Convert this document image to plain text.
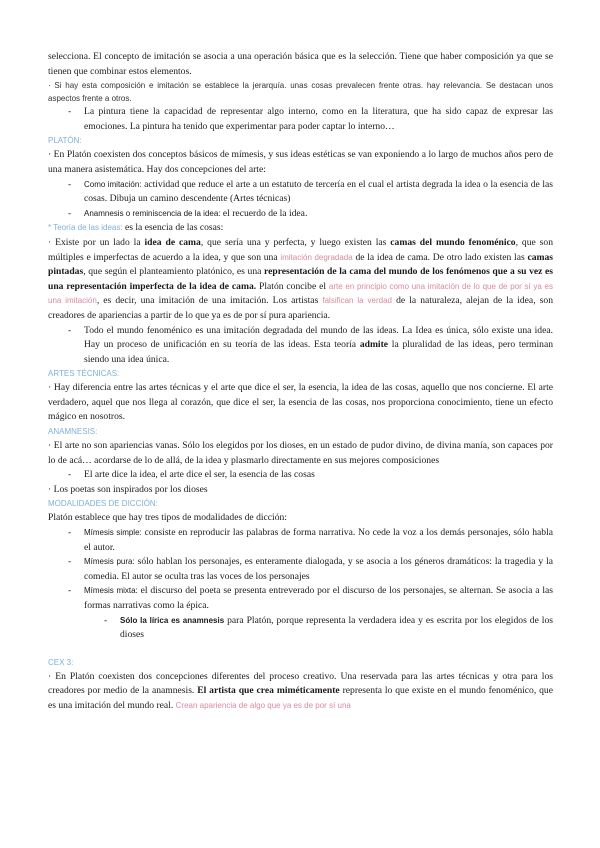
selecciona. El concepto de imitación se asocia a una operación básica que es la selección. Tiene que haber composición ya que se tienen que combinar estos elementos.

· Si hay esta composición e imitación se establece la jerarquía. unas cosas prevalecen frente otras. hay relevancia. Se destacan unos aspectos frente a otros.

- La pintura tiene la capacidad de representar algo interno, como en la literatura, que ha sido capaz de expresar las emociones. La pintura ha tenido que experimentar para poder captar lo interno…

PLATÓN:

· En Platón coexisten dos conceptos básicos de mímesis, y sus ideas estéticas se van exponiendo a lo largo de muchos años pero de una manera asistemática. Hay dos concepciones del arte:

- Como imitación: actividad que reduce el arte a un estatuto de tercería en el cual el artista degrada la idea o la esencia de las cosas. Dibuja un camino descendente (Artes técnicas)

- Anamnesis o reminiscencia de la idea: el recuerdo de la idea.

* Teoría de las ideas: es la esencia de las cosas:

· Existe por un lado la idea de cama, que sería una y perfecta, y luego existen las camas del mundo fenoménico, que son múltiples e imperfectas de acuerdo a la idea, y que son una imitación degradada de la idea de cama. De otro lado existen las camas pintadas, que según el planteamiento platónico, es una representación de la cama del mundo de los fenómenos que a su vez es una representación imperfecta de la idea de cama. Platón concibe el arte en principio como una imitación de lo que de por sí ya es una imitación, es decir, una imitación de una imitación. Los artistas falsifican la verdad de la naturaleza, alejan de la idea, son creadores de apariencias a partir de lo que ya es de por sí pura apariencia.

- Todo el mundo fenoménico es una imitación degradada del mundo de las ideas. La Idea es única, sólo existe una idea. Hay un proceso de unificación en su teoría de las ideas. Esta teoría admite la pluralidad de las ideas, pero terminan siendo una idea única.

ARTES TÉCNICAS:

· Hay diferencia entre las artes técnicas y el arte que dice el ser, la esencia, la idea de las cosas, aquello que nos concierne. El arte verdadero, aquel que nos llega al corazón, que dice el ser, la esencia de las cosas, nos proporciona conocimiento, tiene un efecto mágico en nosotros.

ANAMNESIS:

· El arte no son apariencias vanas. Sólo los elegidos por los dioses, en un estado de pudor divino, de divina manía, son capaces por lo de acá… acordarse de lo de allá, de la idea y plasmarlo directamente en sus mejores composiciones

- El arte dice la idea, el arte dice el ser, la esencia de las cosas

· Los poetas son inspirados por los dioses

MODALIDADES DE DICCIÓN:

Platón establece que hay tres tipos de modalidades de dicción:

- Mímesis simple: consiste en reproducir las palabras de forma narrativa. No cede la voz a los demás personajes, sólo habla el autor.

- Mímesis pura: sólo hablan los personajes, es enteramente dialogada, y se asocia a los géneros dramáticos: la tragedia y la comedia. El autor se oculta tras las voces de los personajes

- Mímesis mixta: el discurso del poeta se presenta entreverado por el discurso de los personajes, se alternan. Se asocia a las formas narrativas como la épica.

- Sólo la lírica es anamnesis para Platón, porque representa la verdadera idea y es escrita por los elegidos de los dioses

CEX 3:

· En Platón coexisten dos concepciones diferentes del proceso creativo. Una reservada para las artes técnicas y otra para los creadores por medio de la anamnesis. El artista que crea miméticamente representa lo que existe en el mundo fenoménico, que es una imitación del mundo real. Crean apariencia de algo que ya es de por sí una
